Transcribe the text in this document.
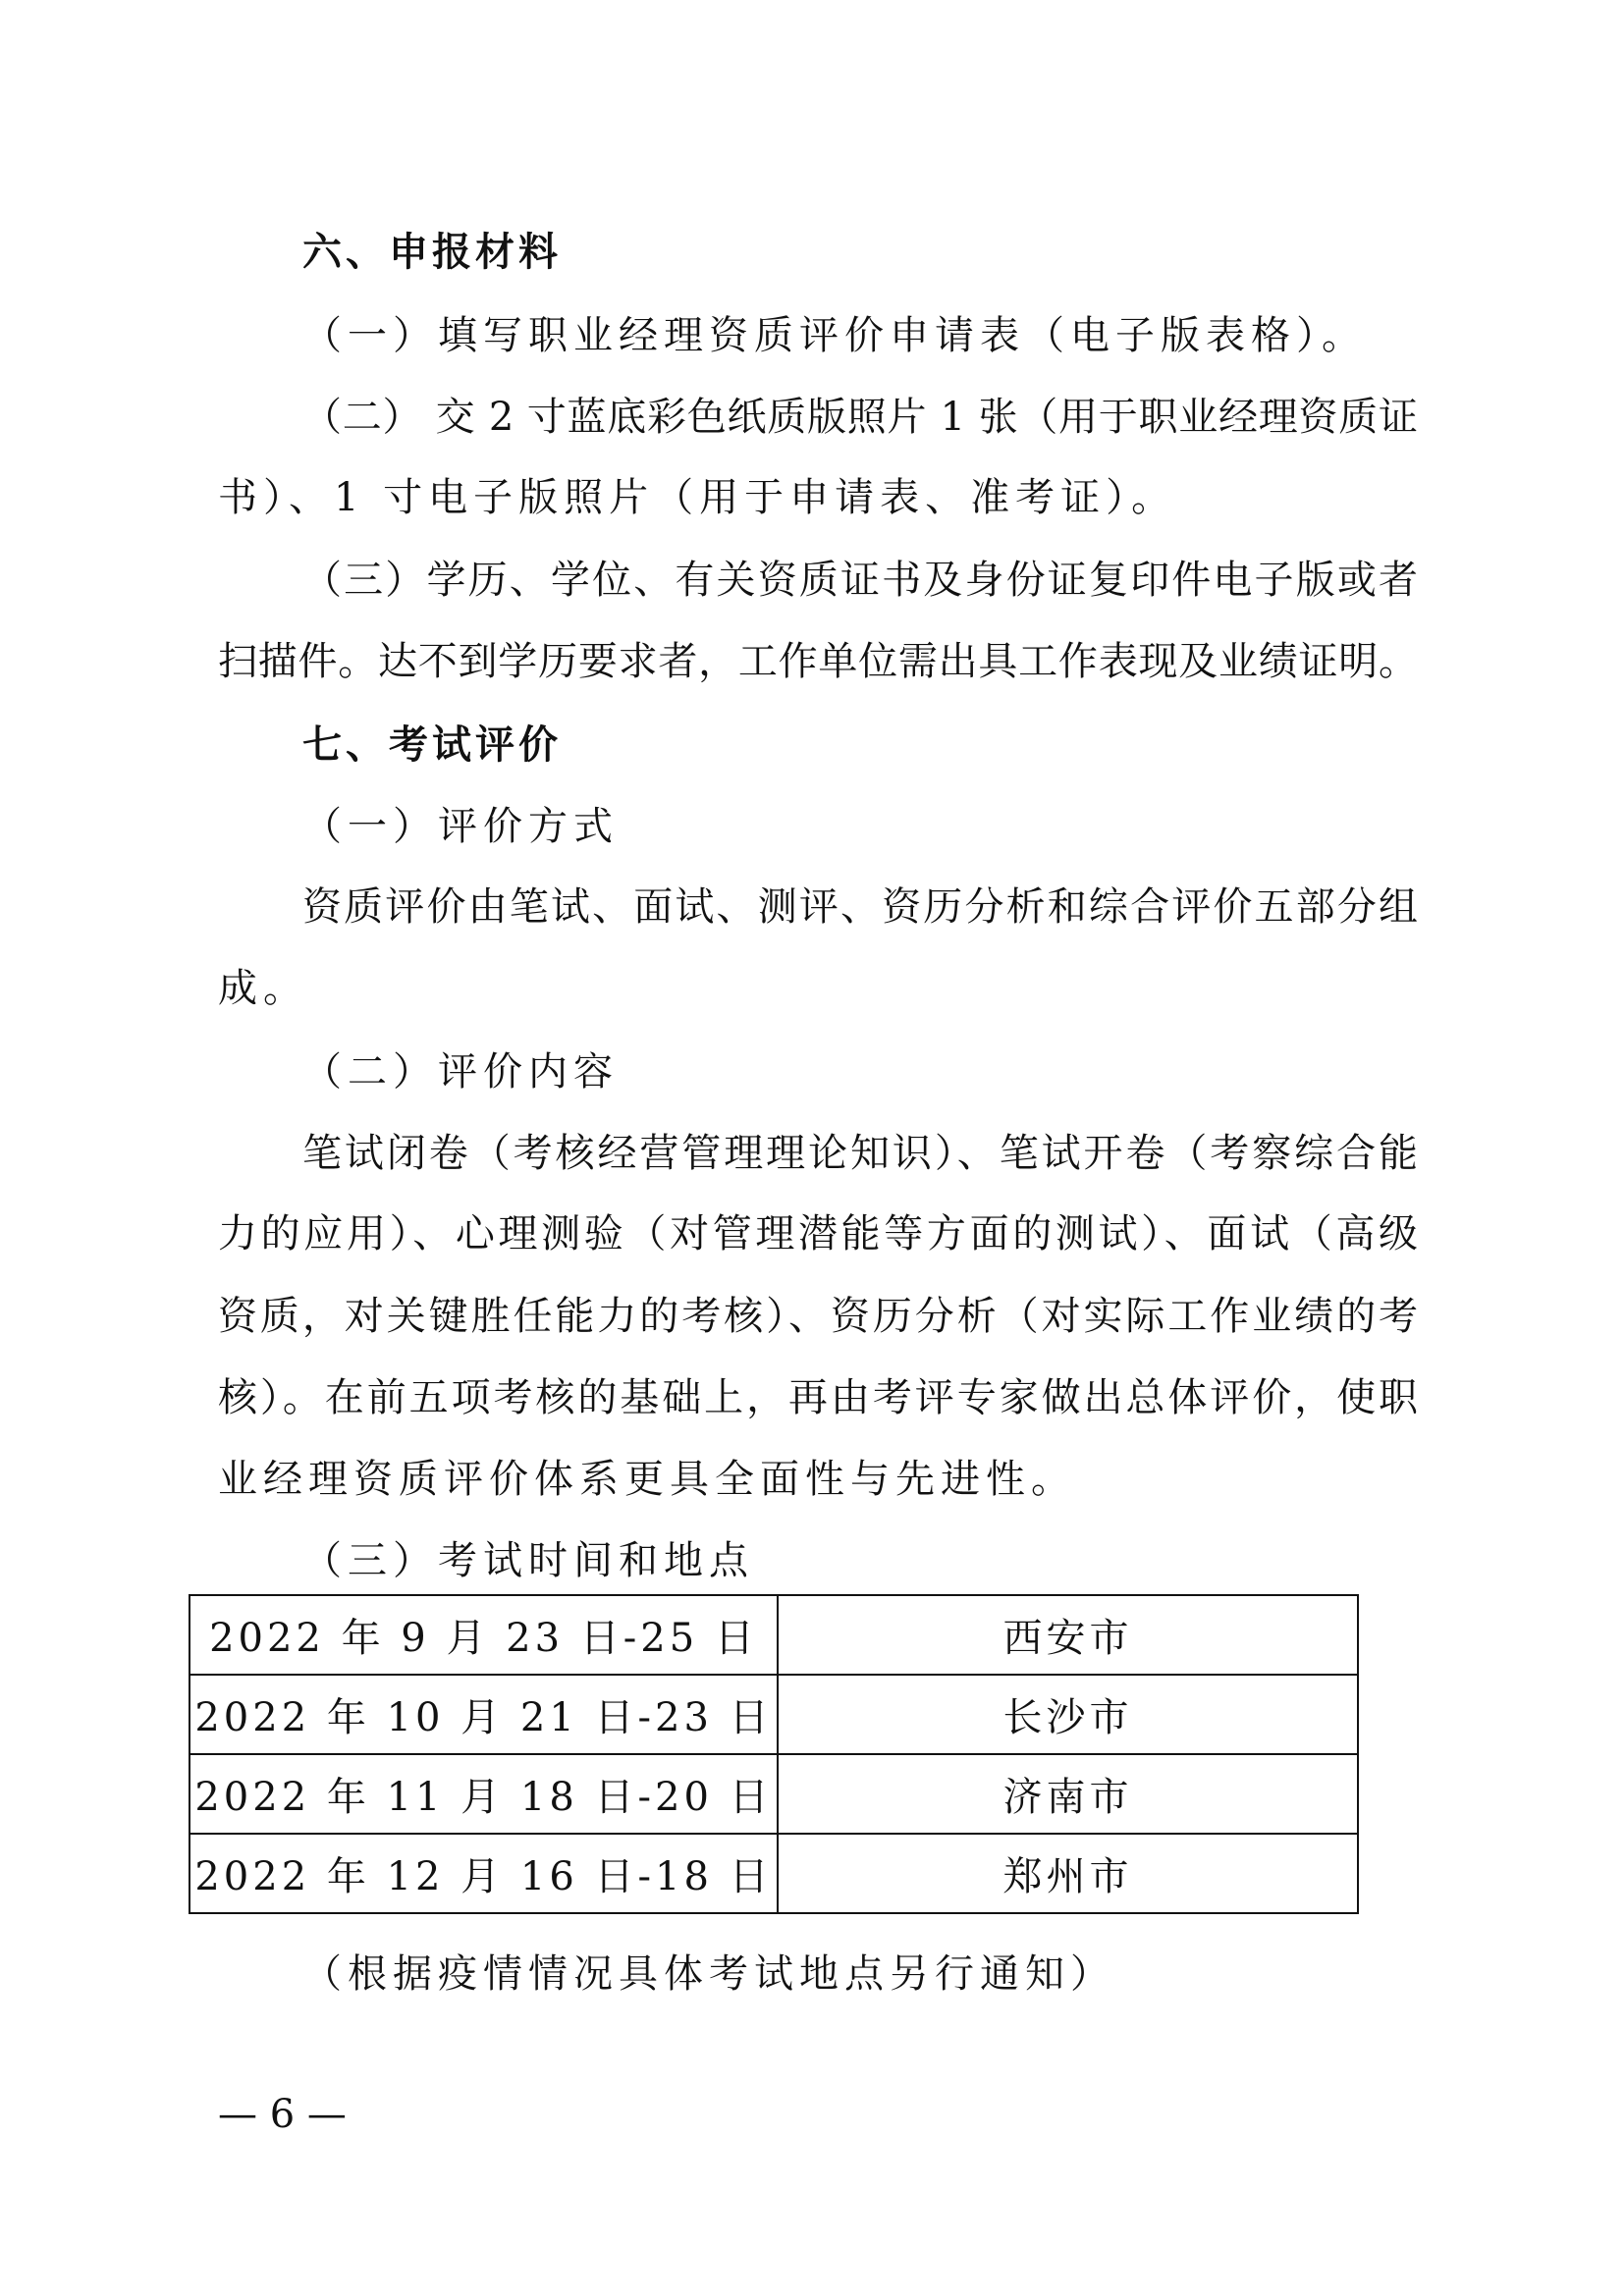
六、申报材料

（一）填写职业经理资质评价申请表（电子版表格）。

（二） 交 2 寸蓝底彩色纸质版照片 1 张（用于职业经理资质证

书）、1 寸电子版照片（用于申请表、准考证）。

（三）学历、学位、有关资质证书及身份证复印件电子版或者

扫描件。达不到学历要求者，工作单位需出具工作表现及业绩证明。

七、考试评价

（一）评价方式

资质评价由笔试、面试、测评、资历分析和综合评价五部分组

成。

（二）评价内容

笔试闭卷（考核经营管理理论知识）、笔试开卷（考察综合能

力的应用）、心理测验（对管理潜能等方面的测试）、面试（高级

资质，对关键胜任能力的考核）、资历分析（对实际工作业绩的考

核）。在前五项考核的基础上，再由考评专家做出总体评价，使职

业经理资质评价体系更具全面性与先进性。

（三）考试时间和地点

2022 年 9 月 23 日-25 日	西安市
2022 年 10 月 21 日-23 日	长沙市
2022 年 11 月 18 日-20 日	济南市
2022 年 12 月 16 日-18 日	郑州市

（根据疫情情况具体考试地点另行通知）

— 6 —
